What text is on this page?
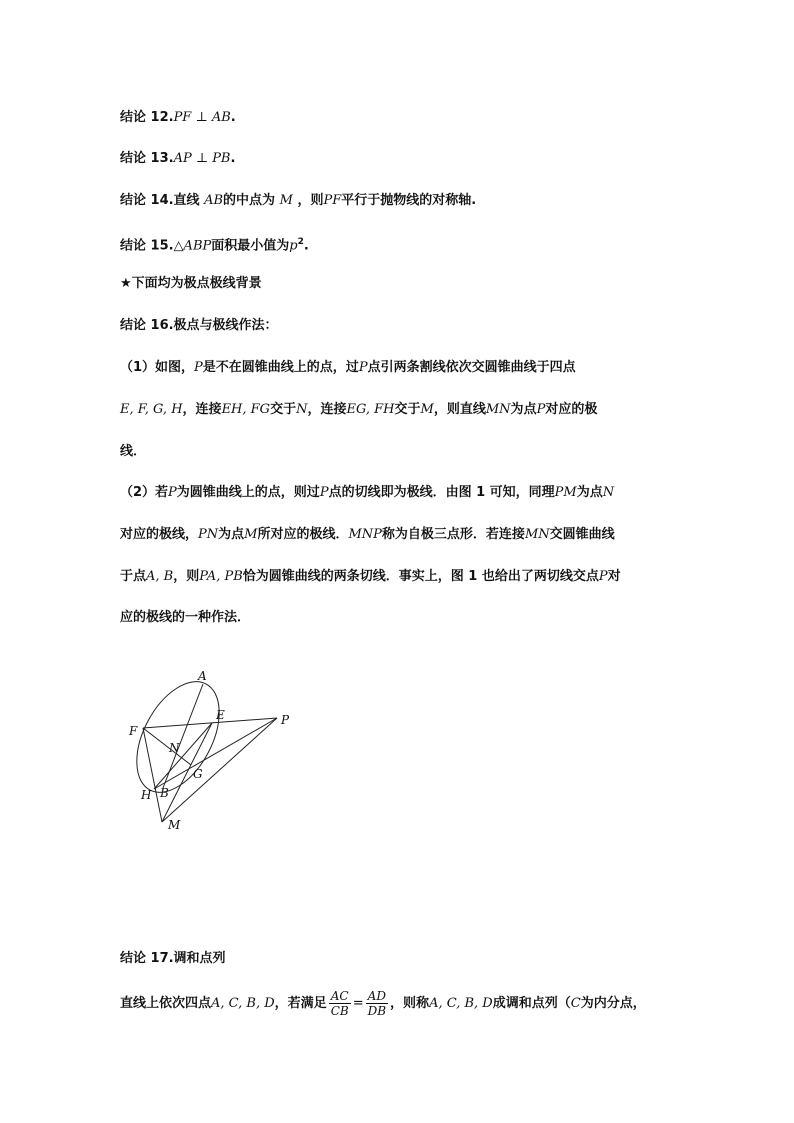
结论 12.PF ⊥ AB.
结论 13.AP ⊥ PB.
结论 14.直线 AB的中点为 M ，则PF平行于抛物线的对称轴.
结论 15.△ABP面积最小值为$p^2$.
★下面均为极点极线背景
结论 16.极点与极线作法：
（1）如图，P是不在圆锥曲线上的点，过P点引两条割线依次交圆锥曲线于四点
E, F, G, H，连接EH, FG交于N，连接EG, FH交于M，则直线MN为点P对应的极
线．
（2）若P为圆锥曲线上的点，则过P点的切线即为极线．由图 1 可知，同理PM为点N
对应的极线，PN为点M所对应的极线．MNP称为自极三点形．若连接MN交圆锥曲线
于点A, B，则PA, PB恰为圆锥曲线的两条切线．事实上，图 1 也给出了两切线交点P对
应的极线的一种作法．
A
E	P
F
N
G
H B
M
结论 17.调和点列
直线上依次四点A, C, B, D，若满足 $\frac{AC}{CB} = \frac{AD}{DB}$ ，则称A, C, B, D成调和点列（C为内分点，
